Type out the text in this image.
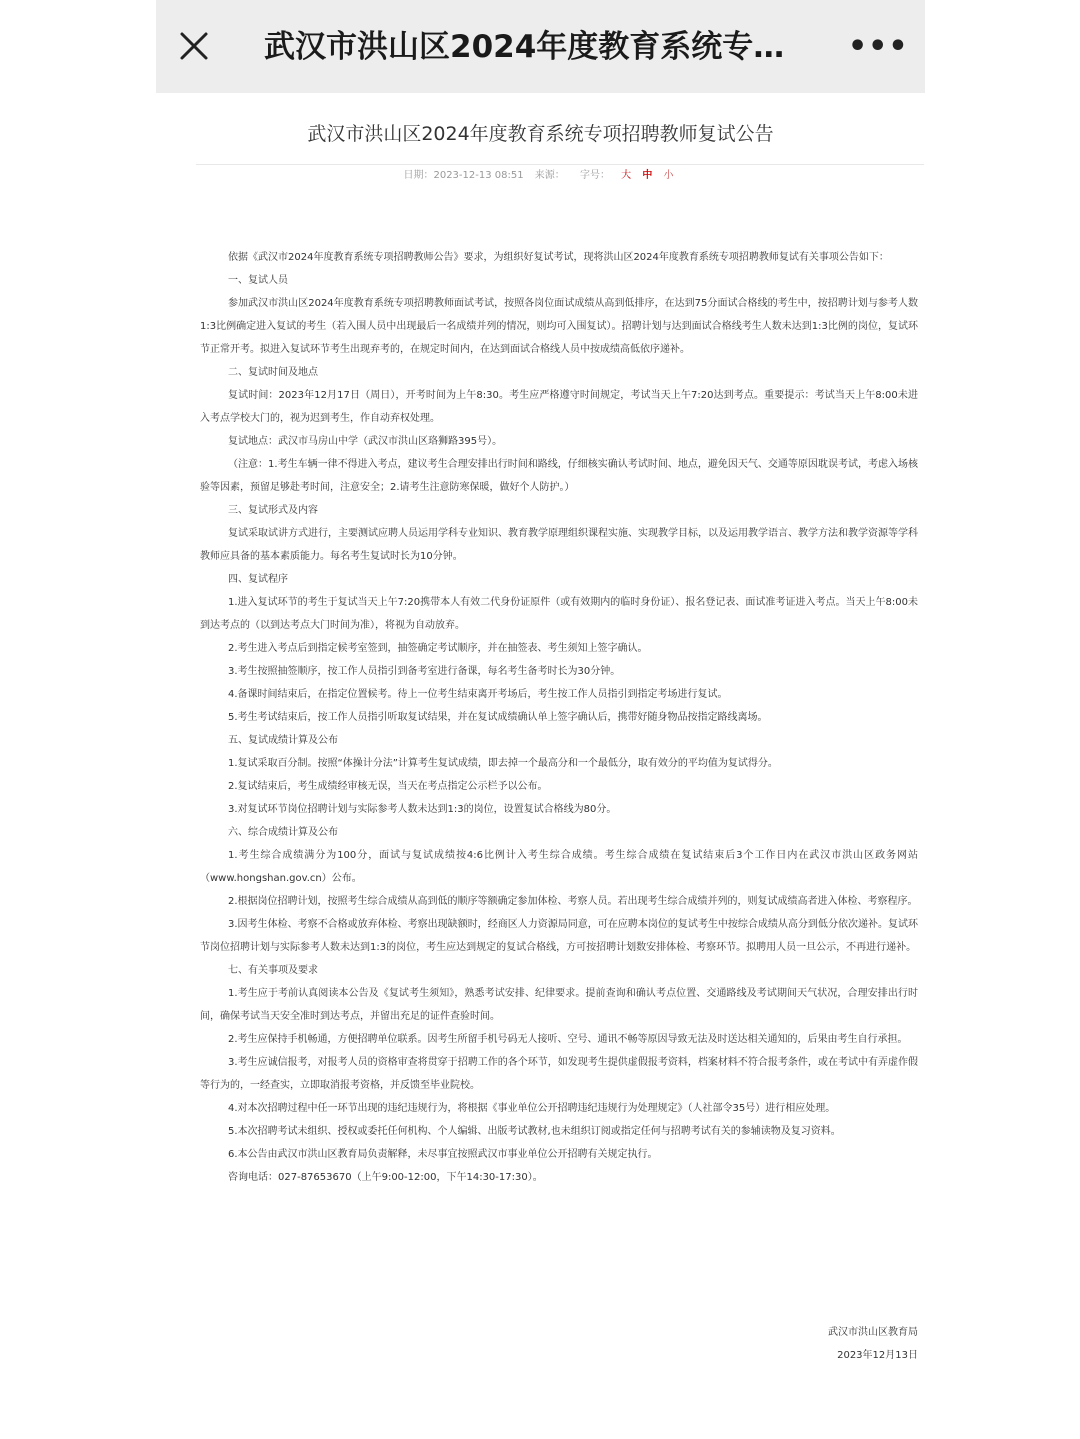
武汉市洪山区2024年度教育系统专…	•••
武汉市洪山区2024年度教育系统专项招聘教师复试公告
日期：2023-12-13 08:51 来源： 字号： 大 中 小

依据《武汉市2024年度教育系统专项招聘教师公告》要求，为组织好复试考试，现将洪山区2024年度教育系统专项招聘教师复试有关事项公告如下：

一、复试人员

参加武汉市洪山区2024年度教育系统专项招聘教师面试考试，按照各岗位面试成绩从高到低排序，在达到75分面试合格线的考生中，按招聘计划与参考人数1:3比例确定进入复试的考生（若入围人员中出现最后一名成绩并列的情况，则均可入围复试）。招聘计划与达到面试合格线考生人数未达到1:3比例的岗位，复试环节正常开考。拟进入复试环节考生出现弃考的，在规定时间内，在达到面试合格线人员中按成绩高低依序递补。

二、复试时间及地点

复试时间：2023年12月17日（周日），开考时间为上午8:30。考生应严格遵守时间规定，考试当天上午7:20达到考点。重要提示：考试当天上午8:00未进入考点学校大门的，视为迟到考生，作自动弃权处理。

复试地点：武汉市马房山中学（武汉市洪山区珞狮路395号）。

（注意：1.考生车辆一律不得进入考点，建议考生合理安排出行时间和路线，仔细核实确认考试时间、地点，避免因天气、交通等原因耽误考试，考虑入场核验等因素，预留足够赴考时间，注意安全；2.请考生注意防寒保暖，做好个人防护。）

三、复试形式及内容

复试采取试讲方式进行，主要测试应聘人员运用学科专业知识、教育教学原理组织课程实施、实现教学目标，以及运用教学语言、教学方法和教学资源等学科教师应具备的基本素质能力。每名考生复试时长为10分钟。

四、复试程序

1.进入复试环节的考生于复试当天上午7:20携带本人有效二代身份证原件（或有效期内的临时身份证）、报名登记表、面试准考证进入考点。当天上午8:00未到达考点的（以到达考点大门时间为准），将视为自动放弃。

2.考生进入考点后到指定候考室签到，抽签确定考试顺序，并在抽签表、考生须知上签字确认。

3.考生按照抽签顺序，按工作人员指引到备考室进行备课，每名考生备考时长为30分钟。

4.备课时间结束后，在指定位置候考。待上一位考生结束离开考场后，考生按工作人员指引到指定考场进行复试。

5.考生考试结束后，按工作人员指引听取复试结果，并在复试成绩确认单上签字确认后，携带好随身物品按指定路线离场。

五、复试成绩计算及公布

1.复试采取百分制。按照“体操计分法”计算考生复试成绩，即去掉一个最高分和一个最低分，取有效分的平均值为复试得分。

2.复试结束后，考生成绩经审核无误，当天在考点指定公示栏予以公布。

3.对复试环节岗位招聘计划与实际参考人数未达到1:3的岗位，设置复试合格线为80分。

六、综合成绩计算及公布

1.考生综合成绩满分为100分，面试与复试成绩按4:6比例计入考生综合成绩。考生综合成绩在复试结束后3个工作日内在武汉市洪山区政务网站（www.hongshan.gov.cn）公布。

2.根据岗位招聘计划，按照考生综合成绩从高到低的顺序等额确定参加体检、考察人员。若出现考生综合成绩并列的，则复试成绩高者进入体检、考察程序。

3.因考生体检、考察不合格或放弃体检、考察出现缺额时，经商区人力资源局同意，可在应聘本岗位的复试考生中按综合成绩从高分到低分依次递补。复试环节岗位招聘计划与实际参考人数未达到1:3的岗位，考生应达到规定的复试合格线，方可按招聘计划数安排体检、考察环节。拟聘用人员一旦公示，不再进行递补。

七、有关事项及要求

1.考生应于考前认真阅读本公告及《复试考生须知》，熟悉考试安排、纪律要求。提前查询和确认考点位置、交通路线及考试期间天气状况，合理安排出行时间，确保考试当天安全准时到达考点，并留出充足的证件查验时间。

2.考生应保持手机畅通，方便招聘单位联系。因考生所留手机号码无人接听、空号、通讯不畅等原因导致无法及时送达相关通知的，后果由考生自行承担。

3.考生应诚信报考，对报考人员的资格审查将贯穿于招聘工作的各个环节，如发现考生提供虚假报考资料，档案材料不符合报考条件，或在考试中有弄虚作假等行为的，一经查实，立即取消报考资格，并反馈至毕业院校。

4.对本次招聘过程中任一环节出现的违纪违规行为，将根据《事业单位公开招聘违纪违规行为处理规定》（人社部令35号）进行相应处理。

5.本次招聘考试未组织、授权或委托任何机构、个人编辑、出版考试教材,也未组织订阅或指定任何与招聘考试有关的参辅读物及复习资料。

6.本公告由武汉市洪山区教育局负责解释，未尽事宜按照武汉市事业单位公开招聘有关规定执行。

咨询电话：027-87653670（上午9:00-12:00，下午14:30-17:30）。

武汉市洪山区教育局
2023年12月13日
